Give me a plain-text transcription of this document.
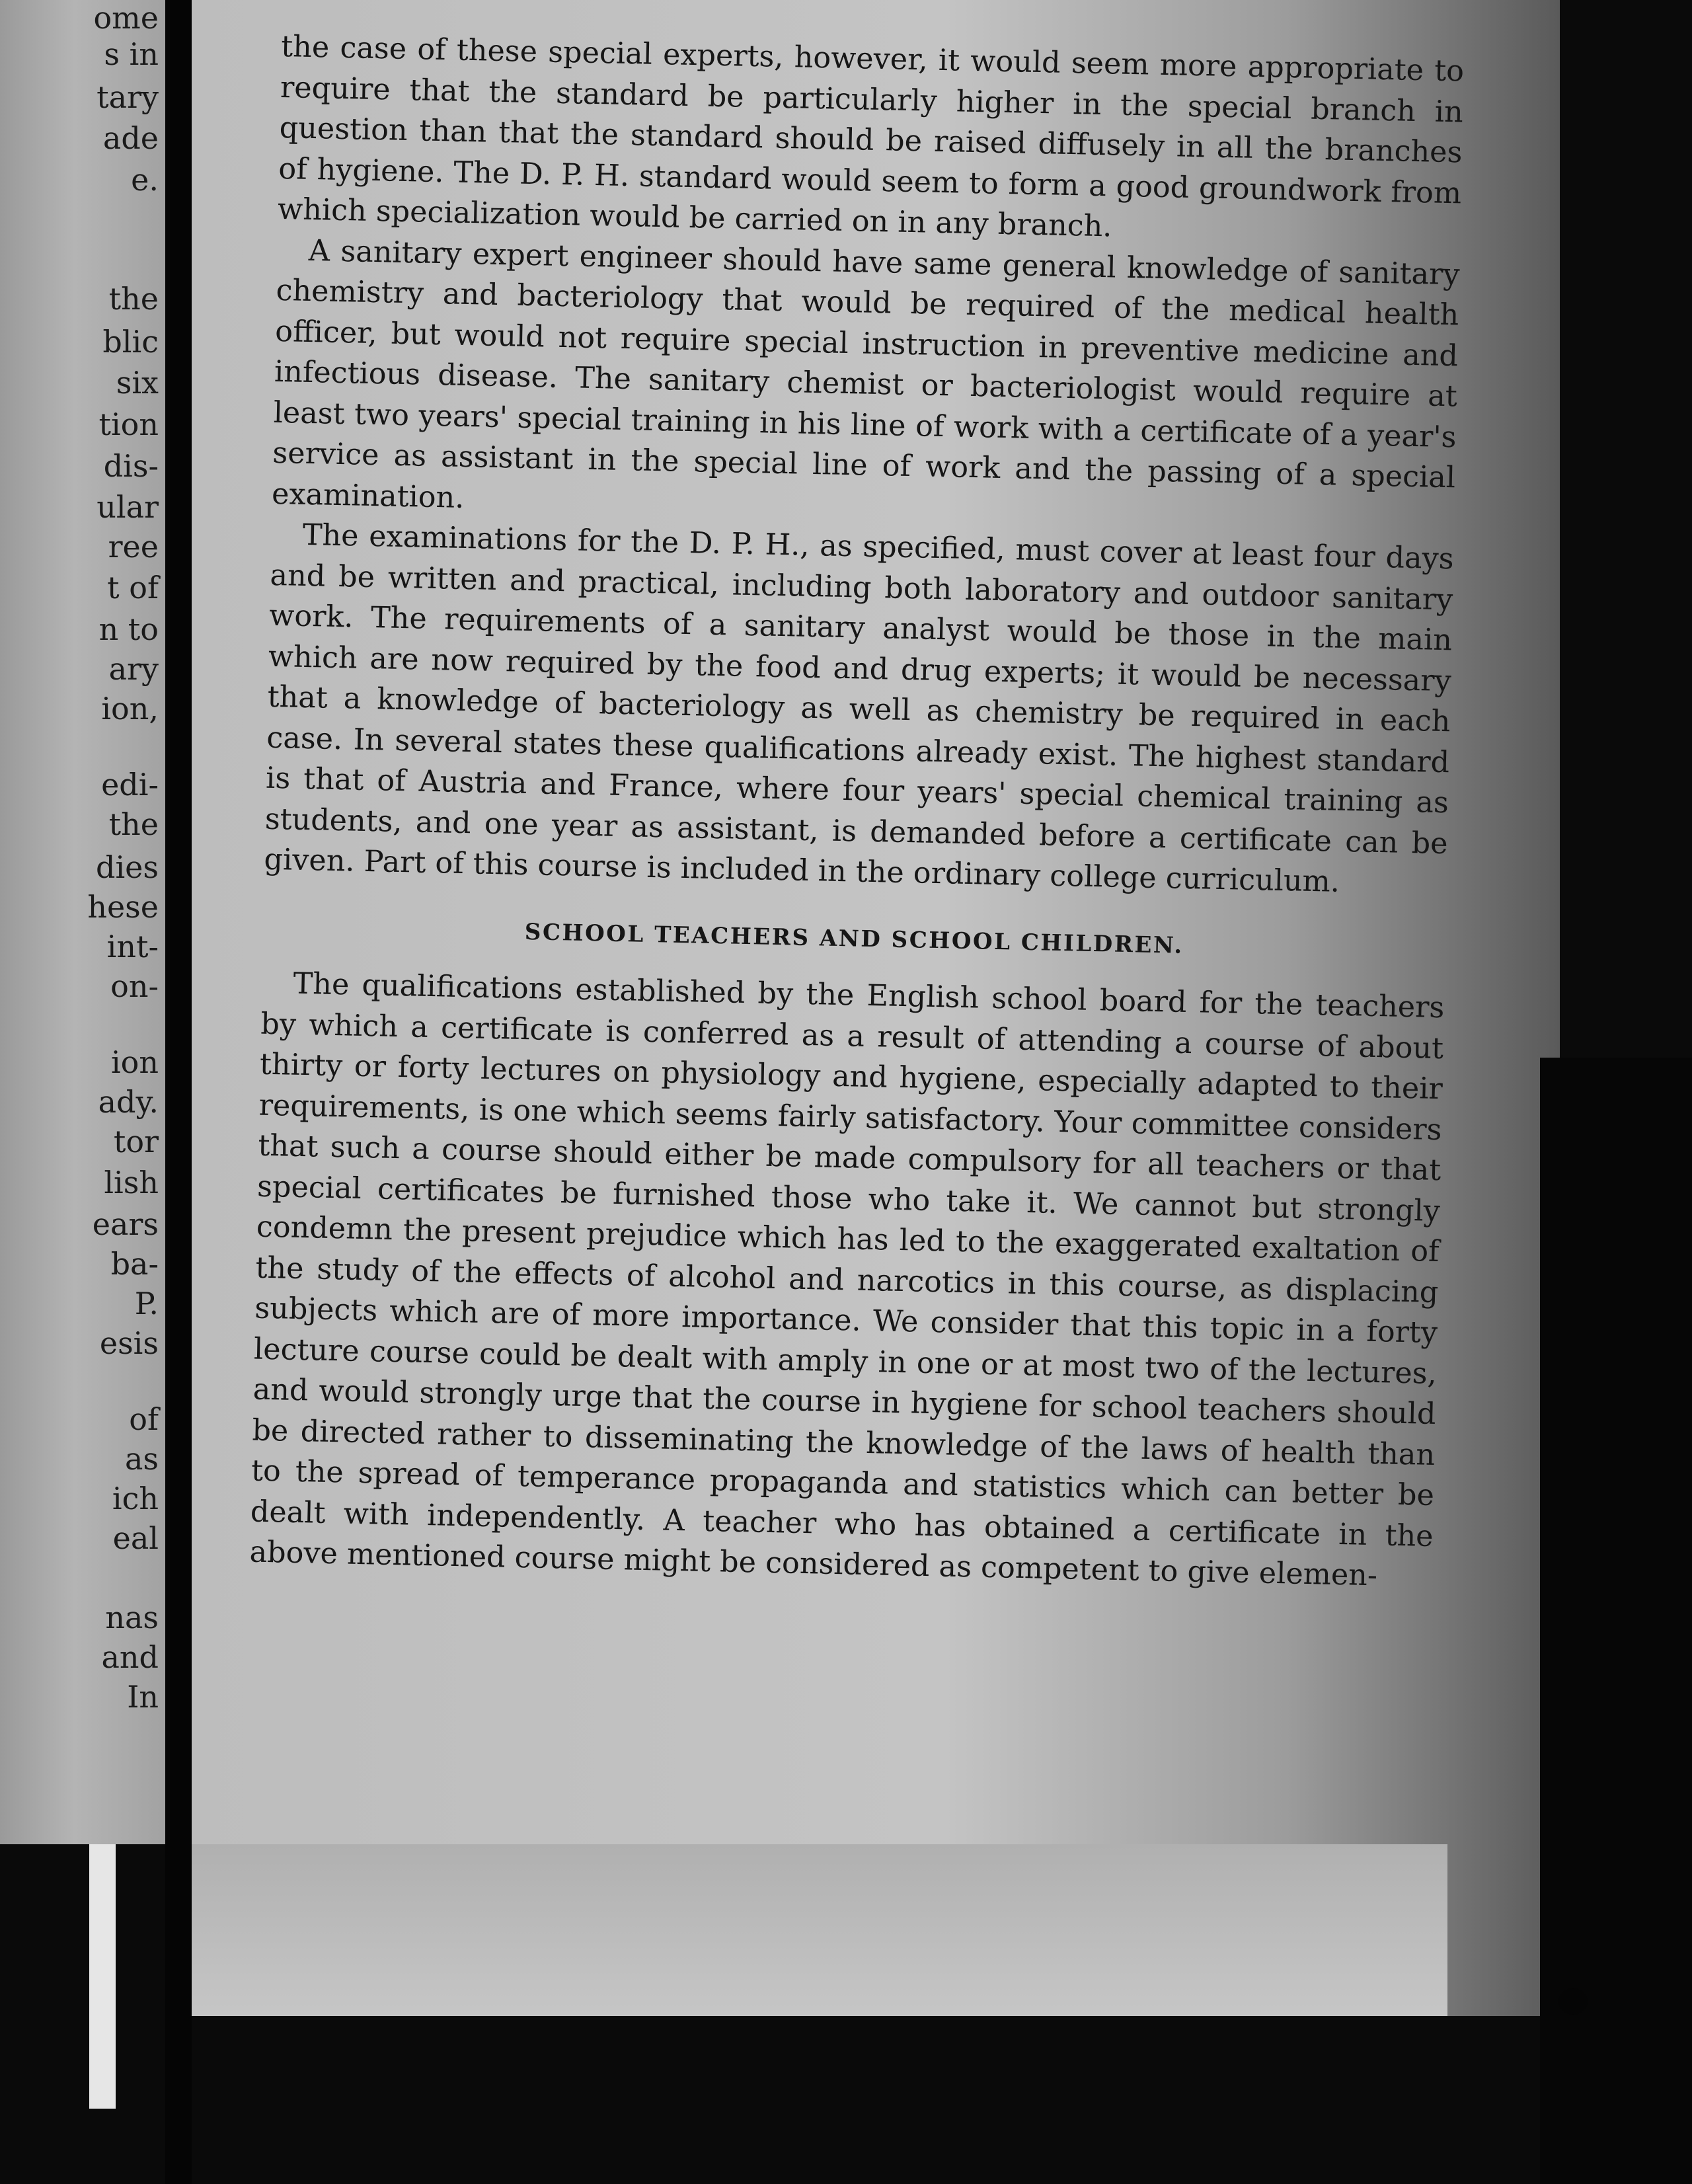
ome
s in
tary
ade
e.
the
blic
six
tion
dis-
ular
ree
t of
n to
ary
ion,
edi-
the
dies
hese
int-
on-
ion
ady.
tor
lish
ears
ba-
P.
esis
of
as
ich
eal
nas
and
In

the case of these special experts, however, it would seem more appropriate to require that the standard be particularly higher in the special branch in question than that the standard should be raised diffusely in all the branches of hygiene. The D. P. H. standard would seem to form a good groundwork from which specialization would be carried on in any branch.

A sanitary expert engineer should have same general knowledge of sanitary chemistry and bacteriology that would be required of the medical health officer, but would not require special instruction in preventive medicine and infectious disease. The sanitary chemist or bacteriologist would require at least two years' special training in his line of work with a certificate of a year's service as assistant in the special line of work and the passing of a special examination.

The examinations for the D. P. H., as specified, must cover at least four days and be written and practical, including both laboratory and outdoor sanitary work. The requirements of a sanitary analyst would be those in the main which are now required by the food and drug experts; it would be necessary that a knowledge of bacteriology as well as chemistry be required in each case. In several states these qualifications already exist. The highest standard is that of Austria and France, where four years' special chemical training as students, and one year as assistant, is demanded before a certificate can be given. Part of this course is included in the ordinary college curriculum.

SCHOOL TEACHERS AND SCHOOL CHILDREN.

The qualifications established by the English school board for the teachers by which a certificate is conferred as a result of attending a course of about thirty or forty lectures on physiology and hygiene, especially adapted to their requirements, is one which seems fairly satisfactory. Your committee considers that such a course should either be made compulsory for all teachers or that special certificates be furnished those who take it. We cannot but strongly condemn the present prejudice which has led to the exaggerated exaltation of the study of the effects of alcohol and narcotics in this course, as displacing subjects which are of more importance. We consider that this topic in a forty lecture course could be dealt with amply in one or at most two of the lectures, and would strongly urge that the course in hygiene for school teachers should be directed rather to disseminating the knowledge of the laws of health than to the spread of temperance propaganda and statistics which can better be dealt with independently. A teacher who has obtained a certificate in the above mentioned course might be considered as competent to give elemen-
